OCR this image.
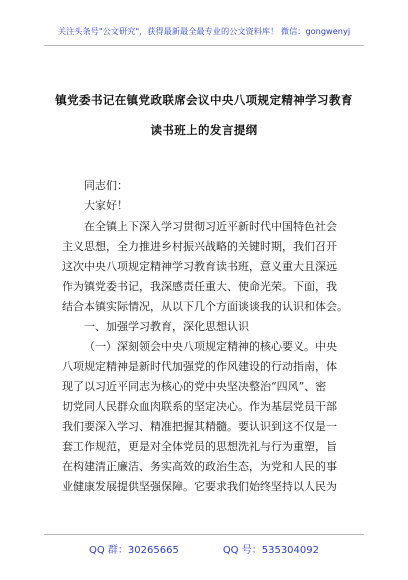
关注头条号"公文研究"，获得最新最全最专业的公文资料库！ 微信：gongwenyj
镇党委书记在镇党政联席会议中央八项规定精神学习教育
读书班上的发言提纲
同志们：
大家好！
在全镇上下深入学习贯彻习近平新时代中国特色社会
主义思想，全力推进乡村振兴战略的关键时期，我们召开
这次中央八项规定精神学习教育读书班，意义重大且深远
作为镇党委书记，我深感责任重大、使命光荣。下面，我
结合本镇实际情况，从以下几个方面谈谈我的认识和体会。
一、加强学习教育，深化思想认识
（一）深刻领会中央八项规定精神的核心要义。中央
八项规定精神是新时代加强党的作风建设的行动指南，体
现了以习近平同志为核心的党中央坚决整治“四风”、密
切党同人民群众血肉联系的坚定决心。作为基层党员干部
我们要深入学习、精准把握其精髓。要认识到这不仅是一
套工作规范，更是对全体党员的思想洗礼与行为重塑，旨
在构建清正廉洁、务实高效的政治生态，为党和人民的事
业健康发展提供坚强保障。它要求我们始终坚持以人民为
QQ 群：30265665	QQ 号：535304092
